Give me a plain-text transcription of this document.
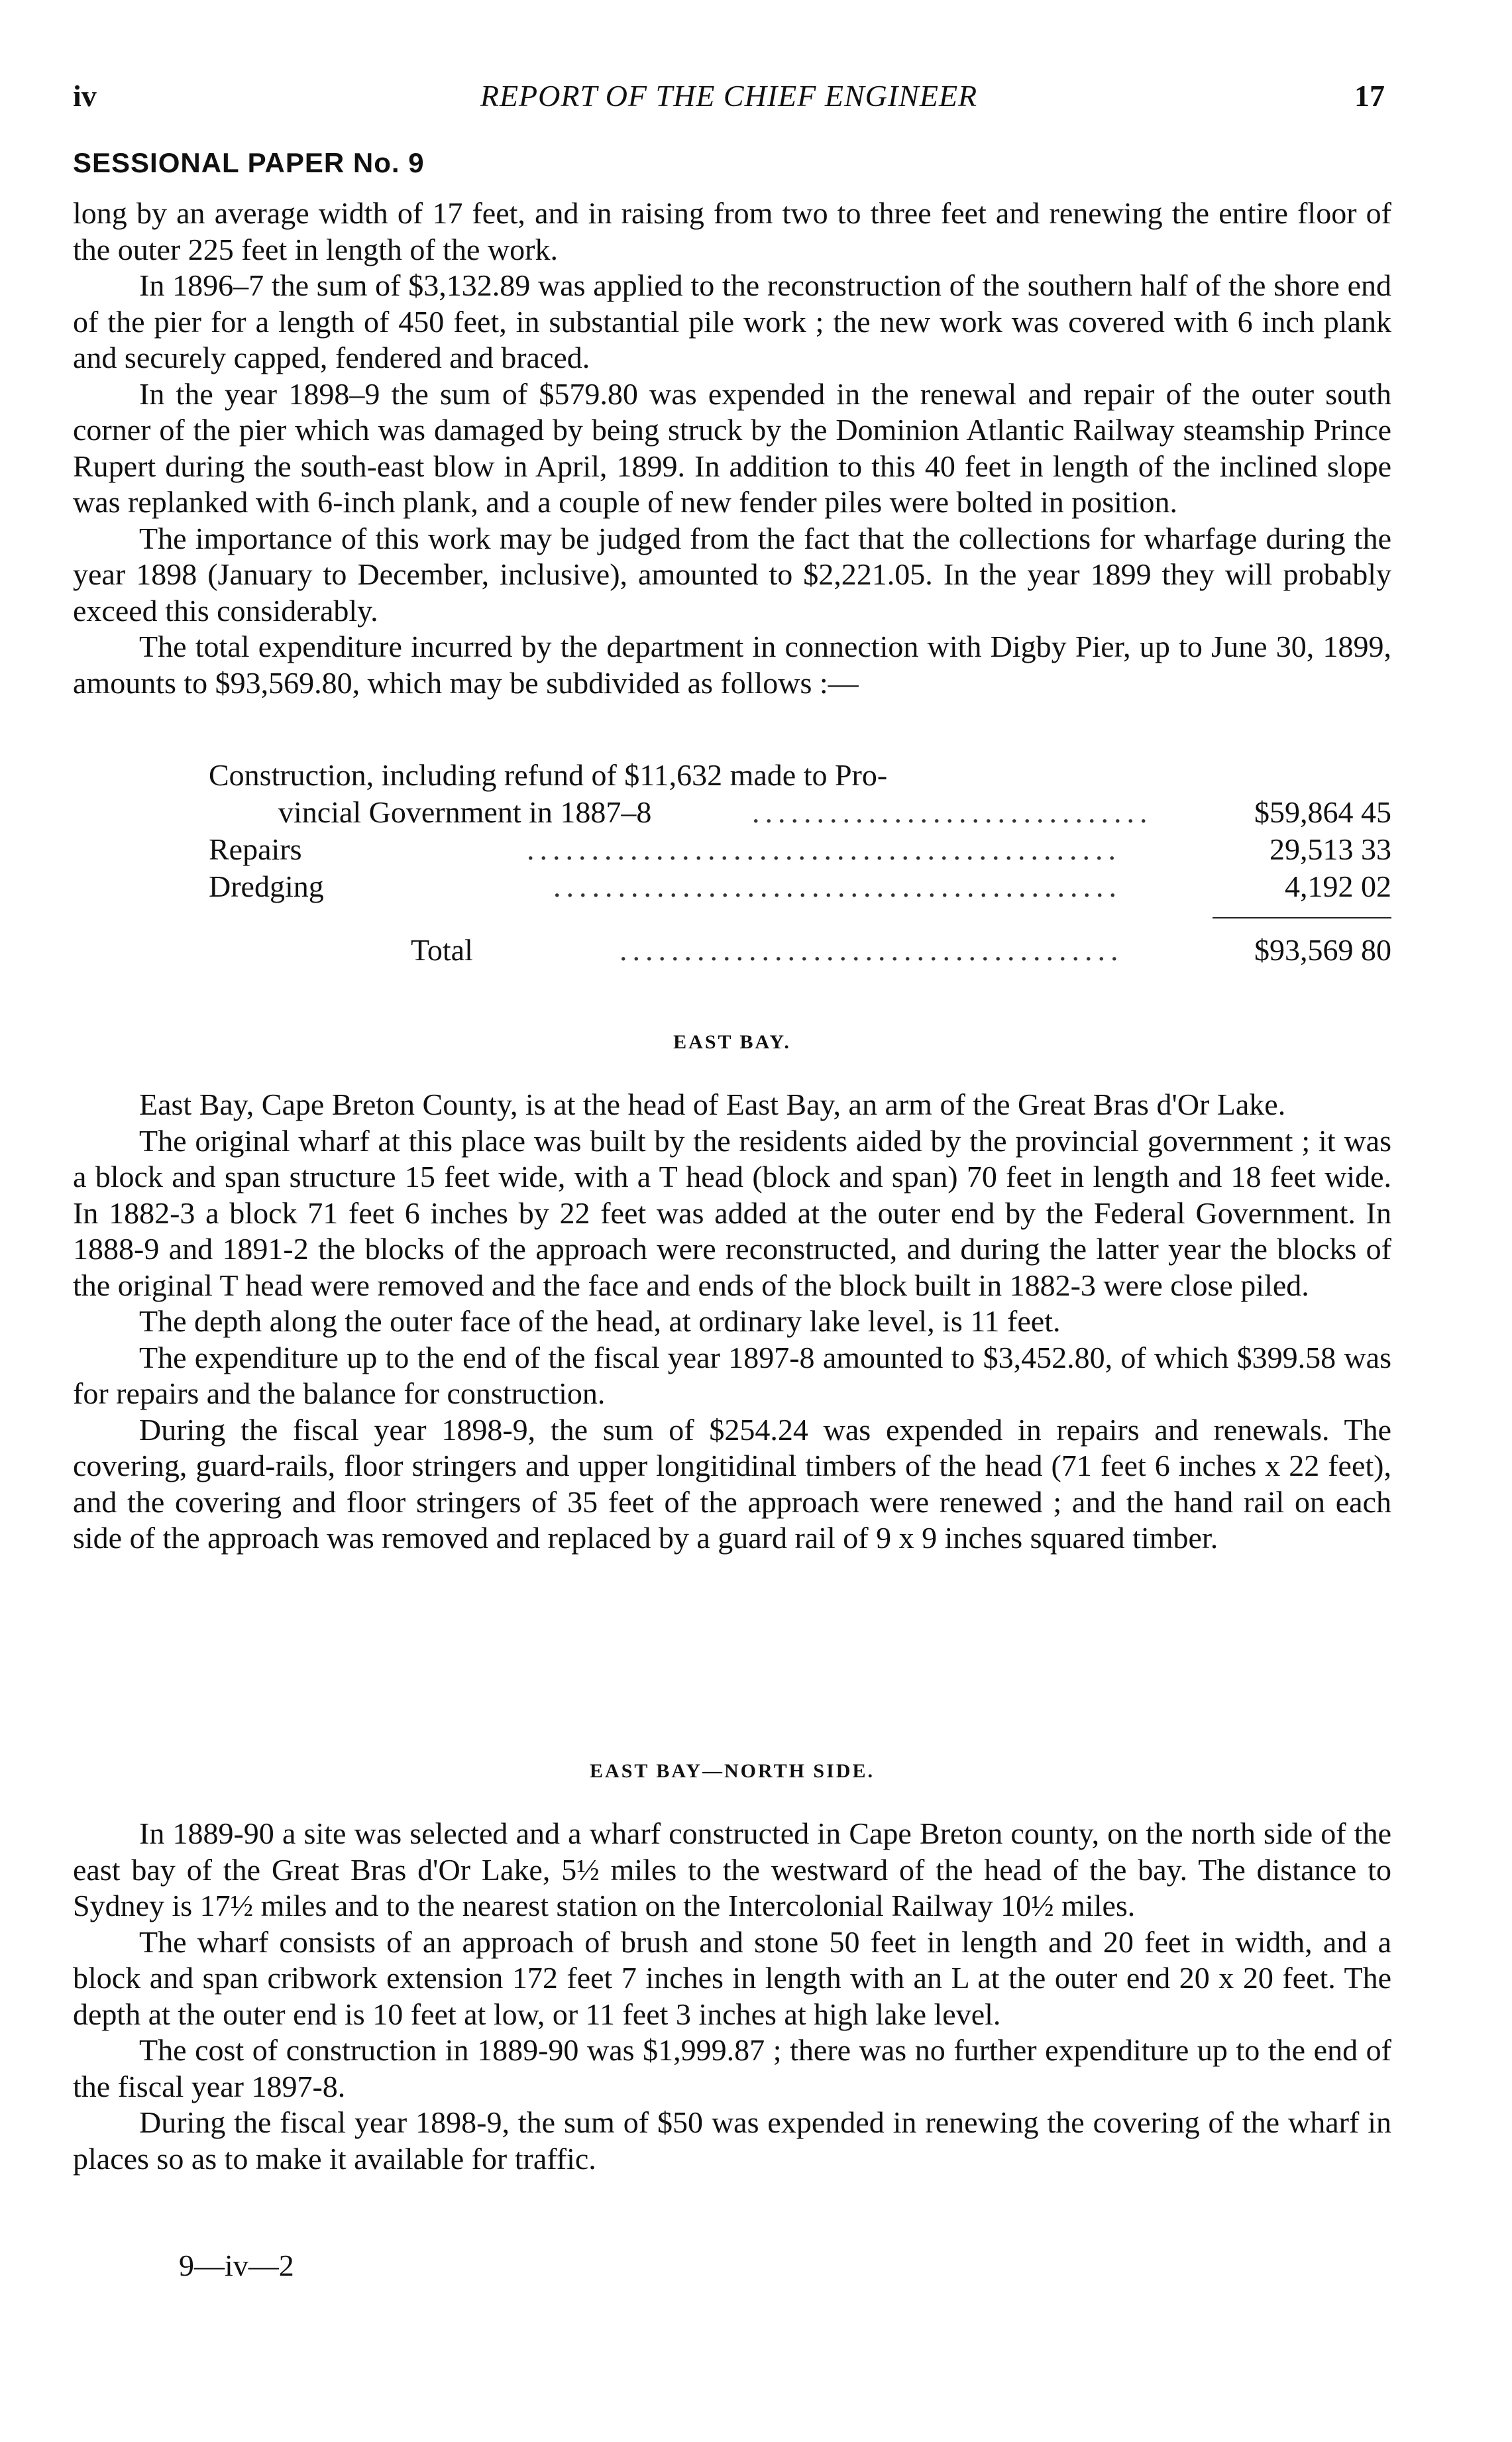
iv	REPORT OF THE CHIEF ENGINEER	17
SESSIONAL PAPER No. 9

long by an average width of 17 feet, and in raising from two to three feet and renewing the entire floor of the outer 225 feet in length of the work.

In 1896–7 the sum of $3,132.89 was applied to the reconstruction of the southern half of the shore end of the pier for a length of 450 feet, in substantial pile work ; the new work was covered with 6 inch plank and securely capped, fendered and braced.

In the year 1898–9 the sum of $579.80 was expended in the renewal and repair of the outer south corner of the pier which was damaged by being struck by the Dominion Atlantic Railway steamship Prince Rupert during the south-east blow in April, 1899. In addition to this 40 feet in length of the inclined slope was replanked with 6-inch plank, and a couple of new fender piles were bolted in position.

The importance of this work may be judged from the fact that the collections for wharfage during the year 1898 (January to December, inclusive), amounted to $2,221.05. In the year 1899 they will probably exceed this considerably.

The total expenditure incurred by the department in connection with Digby Pier, up to June 30, 1899, amounts to $93,569.80, which may be subdivided as follows :—

Construction, including refund of $11,632 made to Pro-
vincial Government in 1887–8	...............................	$59,864 45
Repairs	..............................................	29,513 33
Dredging	............................................	4,192 02
Total	.......................................	$93,569 80
EAST BAY.

East Bay, Cape Breton County, is at the head of East Bay, an arm of the Great Bras d'Or Lake.

The original wharf at this place was built by the residents aided by the provincial government ; it was a block and span structure 15 feet wide, with a T head (block and span) 70 feet in length and 18 feet wide. In 1882-3 a block 71 feet 6 inches by 22 feet was added at the outer end by the Federal Government. In 1888-9 and 1891-2 the blocks of the approach were reconstructed, and during the latter year the blocks of the original T head were removed and the face and ends of the block built in 1882-3 were close piled.

The depth along the outer face of the head, at ordinary lake level, is 11 feet.

The expenditure up to the end of the fiscal year 1897-8 amounted to $3,452.80, of which $399.58 was for repairs and the balance for construction.

During the fiscal year 1898-9, the sum of $254.24 was expended in repairs and renewals. The covering, guard-rails, floor stringers and upper longitidinal timbers of the head (71 feet 6 inches x 22 feet), and the covering and floor stringers of 35 feet of the approach were renewed ; and the hand rail on each side of the approach was removed and replaced by a guard rail of 9 x 9 inches squared timber.

EAST BAY—NORTH SIDE.

In 1889-90 a site was selected and a wharf constructed in Cape Breton county, on the north side of the east bay of the Great Bras d'Or Lake, 5½ miles to the westward of the head of the bay. The distance to Sydney is 17½ miles and to the nearest station on the Intercolonial Railway 10½ miles.

The wharf consists of an approach of brush and stone 50 feet in length and 20 feet in width, and a block and span cribwork extension 172 feet 7 inches in length with an L at the outer end 20 x 20 feet. The depth at the outer end is 10 feet at low, or 11 feet 3 inches at high lake level.

The cost of construction in 1889-90 was $1,999.87 ; there was no further expenditure up to the end of the fiscal year 1897-8.

During the fiscal year 1898-9, the sum of $50 was expended in renewing the covering of the wharf in places so as to make it available for traffic.

9—iv—2
